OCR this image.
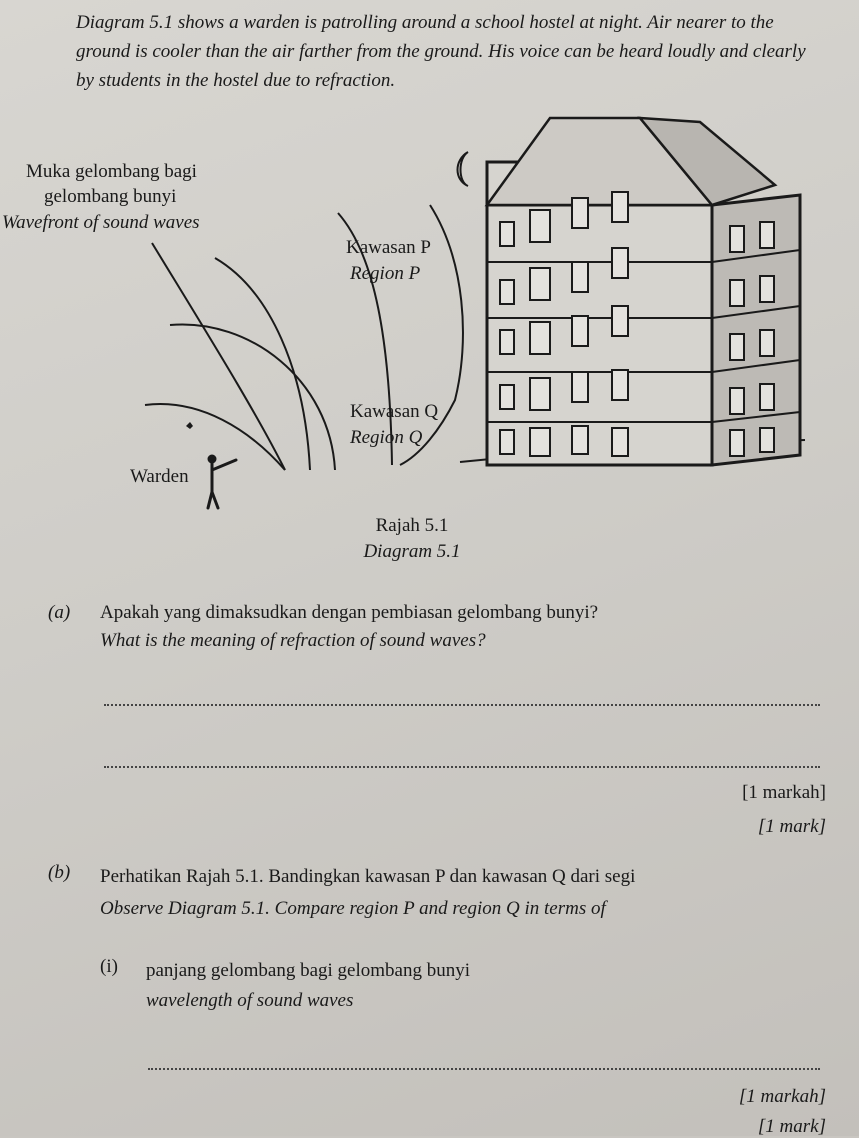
Diagram 5.1 shows a warden is patrolling around a school hostel at night. Air nearer to the ground is cooler than the air farther from the ground. His voice can be heard loudly and clearly by students in the hostel due to refraction.
Muka gelombang bagi
gelombang bunyi
Wavefront of sound waves
Kawasan P
Region P
Kawasan Q
Region Q
Warden
Rajah 5.1
Diagram 5.1
(a) Apakah yang dimaksudkan dengan pembiasan gelombang bunyi?
What is the meaning of refraction of sound waves?
[1 markah]
[1 mark]
(b) Perhatikan Rajah 5.1. Bandingkan kawasan P dan kawasan Q dari segi
Observe Diagram 5.1. Compare region P and region Q in terms of
(i) panjang gelombang bagi gelombang bunyi
wavelength of sound waves
[1 markah]
[1 mark]
